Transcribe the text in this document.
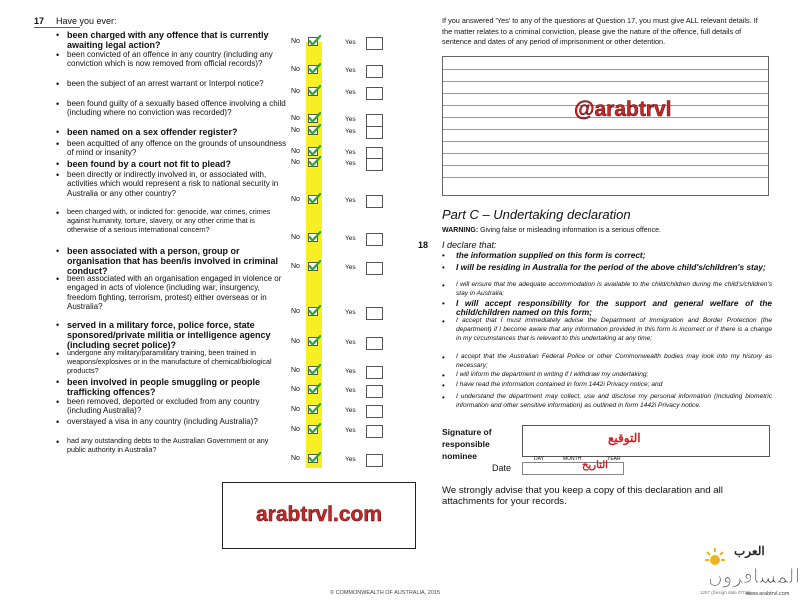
17 Have you ever:
• been charged with any offence that is currently awaiting legal action?	No	Yes
• been convicted of an offence in any country (including any conviction which is now removed from official records)?
No	Yes
• been the subject of an arrest warrant or Interpol notice?
No	Yes
• been found guilty of a sexually based offence involving a child (including where no conviction was recorded)?
No	Yes
• been named on a sex offender register?	No	Yes
• been acquitted of any offence on the grounds of unsoundness of mind or insanity?	No	Yes
• been found by a court not fit to plead?	No	Yes
• been directly or indirectly involved in, or associated with, activities which would represent a risk to national security in Australia or any other country?
No	Yes
• been charged with, or indicted for: genocide, war crimes, crimes against humanity, torture, slavery, or any other crime that is otherwise of a serious international concern?
No	Yes
• been associated with a person, group or organisation that has been/is involved in criminal conduct?	No	Yes
• been associated with an organisation engaged in violence or engaged in acts of violence (including war, insurgency, freedom fighting, terrorism, protest) either overseas or in Australia?
No	Yes
• served in a military force, police force, state sponsored/private militia or intelligence agency (including secret police)?	No	Yes
• undergone any military/paramilitary training, been trained in weapons/explosives or in the manufacture of chemical/biological products?	No	Yes
• been involved in people smuggling or people trafficking offences?	No	Yes
• been removed, deported or excluded from any country (including Australia)?	No	Yes
• overstayed a visa in any country (including Australia)?
No	Yes
• had any outstanding debts to the Australian Government or any public authority in Australia?
No	Yes
arabtrvl.com
If you answered 'Yes' to any of the questions at Question 17, you must give ALL relevant details. If the matter relates to a criminal conviction, please give the nature of the offence, full details of sentence and dates of any period of imprisonment or other detention.
@arabtrvl
Part C – Undertaking declaration
WARNING: Giving false or misleading information is a serious offence.
18 I declare that:
• the information supplied on this form is correct;
• I will be residing in Australia for the period of the above child's/children's stay;
• I will ensure that the adequate accommodation is available to the child/children during the child's/children's stay in Australia;
• I will accept responsibility for the support and general welfare of the child/children named on this form;
• I accept that I must immediately advise the Department of Immigration and Border Protection (the department) if I become aware that any information provided in this form is incorrect or if there is a change in my circumstances that is relevant to this undertaking at any time;
• I accept that the Australian Federal Police or other Commonwealth bodies may look into my history as necessary;
• I will inform the department in writing if I withdraw my undertaking;
• I have read the information contained in form 1442i Privacy notice; and
• I understand the department may collect, use and disclose my personal information (including biometric information and other sensitive information) as outlined in form 1442i Privacy notice.
Signature of responsible nominee
التوقيع
Date
DAY	MONTH	YEAR
التاريخ
We strongly advise that you keep a copy of this declaration and all attachments for your records.
© COMMONWEALTH OF AUSTRALIA, 2015	1257 (Design date 07/15)
العرب
المسافرون
www.arabtrvl.com
